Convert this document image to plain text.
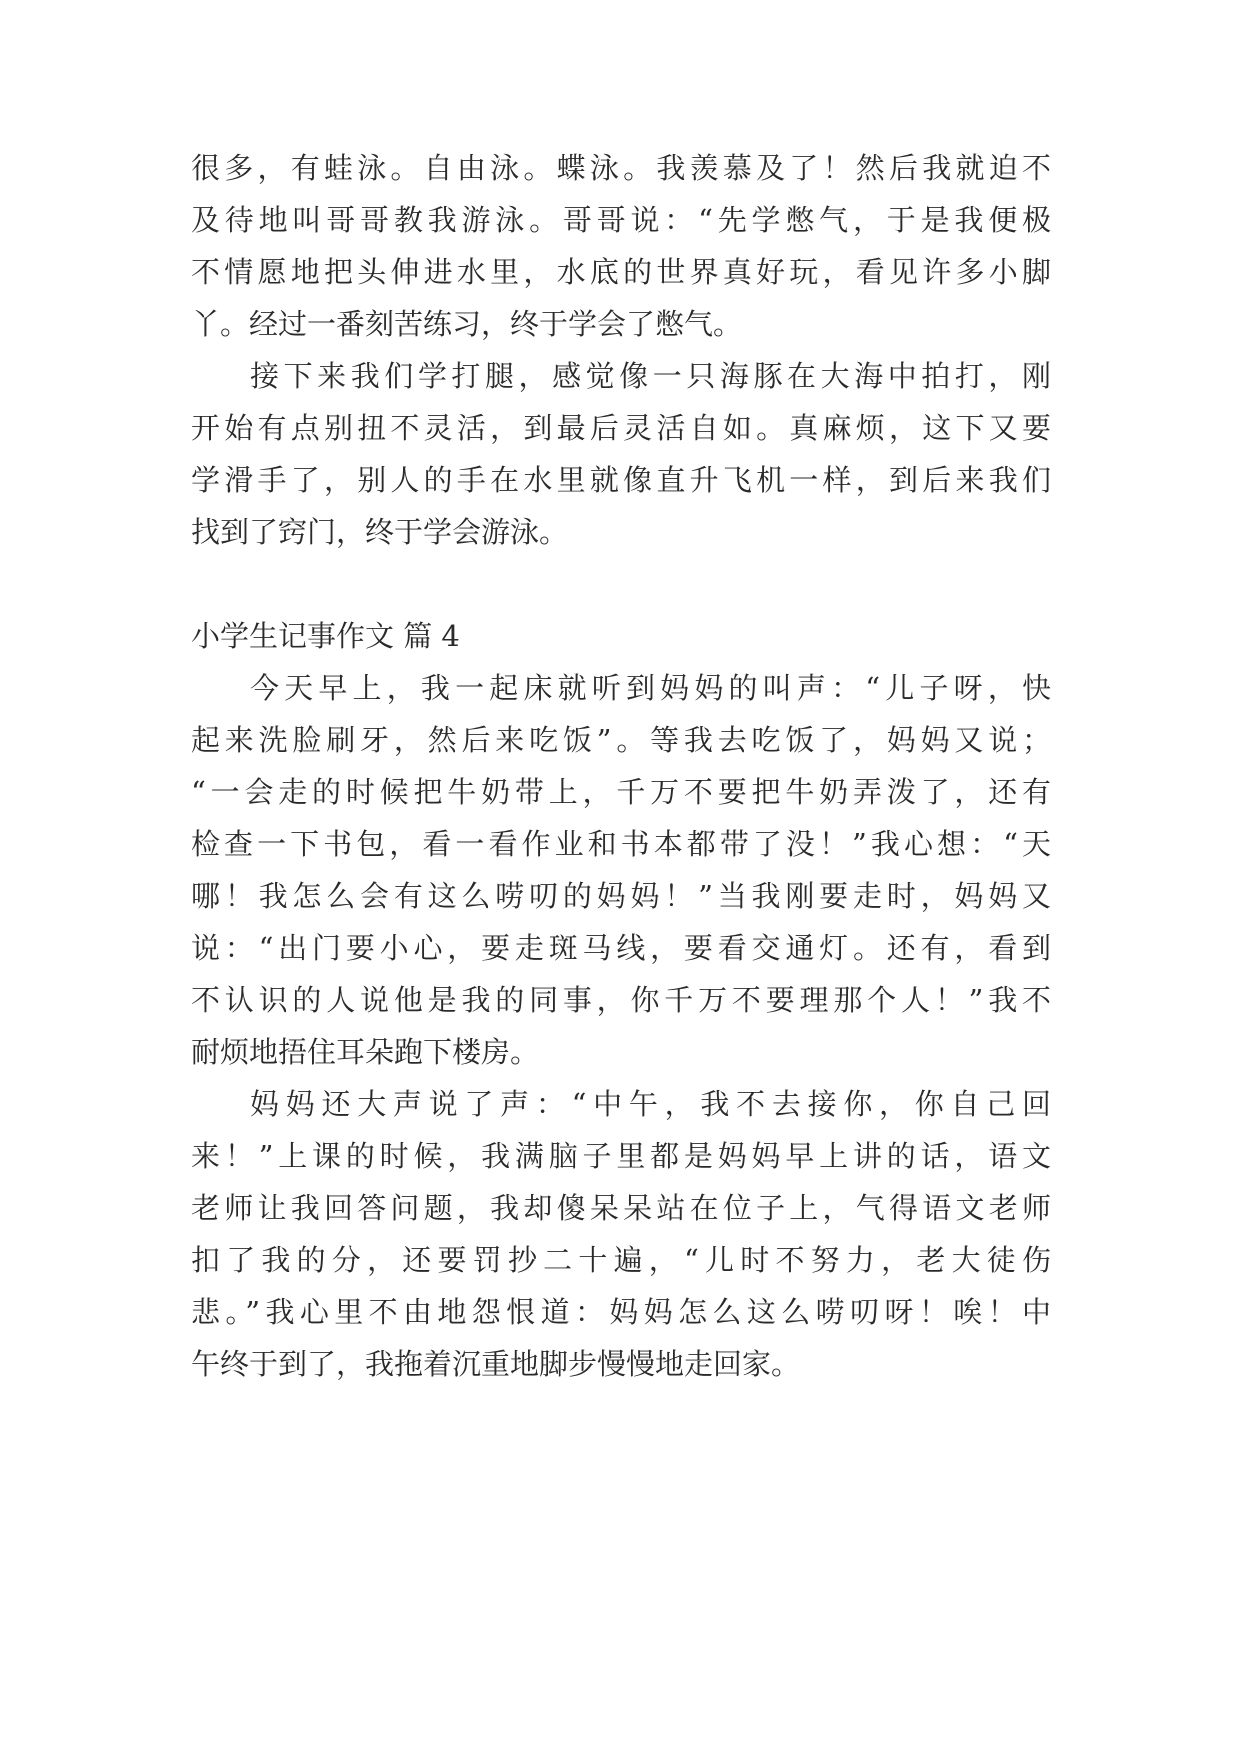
很多，有蛙泳。自由泳。蝶泳。我羡慕及了！然后我就迫不
及待地叫哥哥教我游泳。哥哥说：“先学憋气，于是我便极
不情愿地把头伸进水里，水底的世界真好玩，看见许多小脚
丫。经过一番刻苦练习，终于学会了憋气。
接下来我们学打腿，感觉像一只海豚在大海中拍打，刚
开始有点别扭不灵活，到最后灵活自如。真麻烦，这下又要
学滑手了，别人的手在水里就像直升飞机一样，到后来我们
找到了窍门，终于学会游泳。
小学生记事作文 篇 4
今天早上，我一起床就听到妈妈的叫声：“儿子呀，快
起来洗脸刷牙，然后来吃饭”。等我去吃饭了，妈妈又说；
“一会走的时候把牛奶带上，千万不要把牛奶弄泼了，还有
检查一下书包，看一看作业和书本都带了没！”我心想：“天
哪！我怎么会有这么唠叨的妈妈！”当我刚要走时，妈妈又
说：“出门要小心，要走斑马线，要看交通灯。还有，看到
不认识的人说他是我的同事，你千万不要理那个人！”我不
耐烦地捂住耳朵跑下楼房。
妈妈还大声说了声：“中午，我不去接你，你自己回
来！”上课的时候，我满脑子里都是妈妈早上讲的话，语文
老师让我回答问题，我却傻呆呆站在位子上，气得语文老师
扣了我的分，还要罚抄二十遍，“儿时不努力，老大徒伤
悲。”我心里不由地怨恨道：妈妈怎么这么唠叨呀！唉！中
午终于到了，我拖着沉重地脚步慢慢地走回家。
